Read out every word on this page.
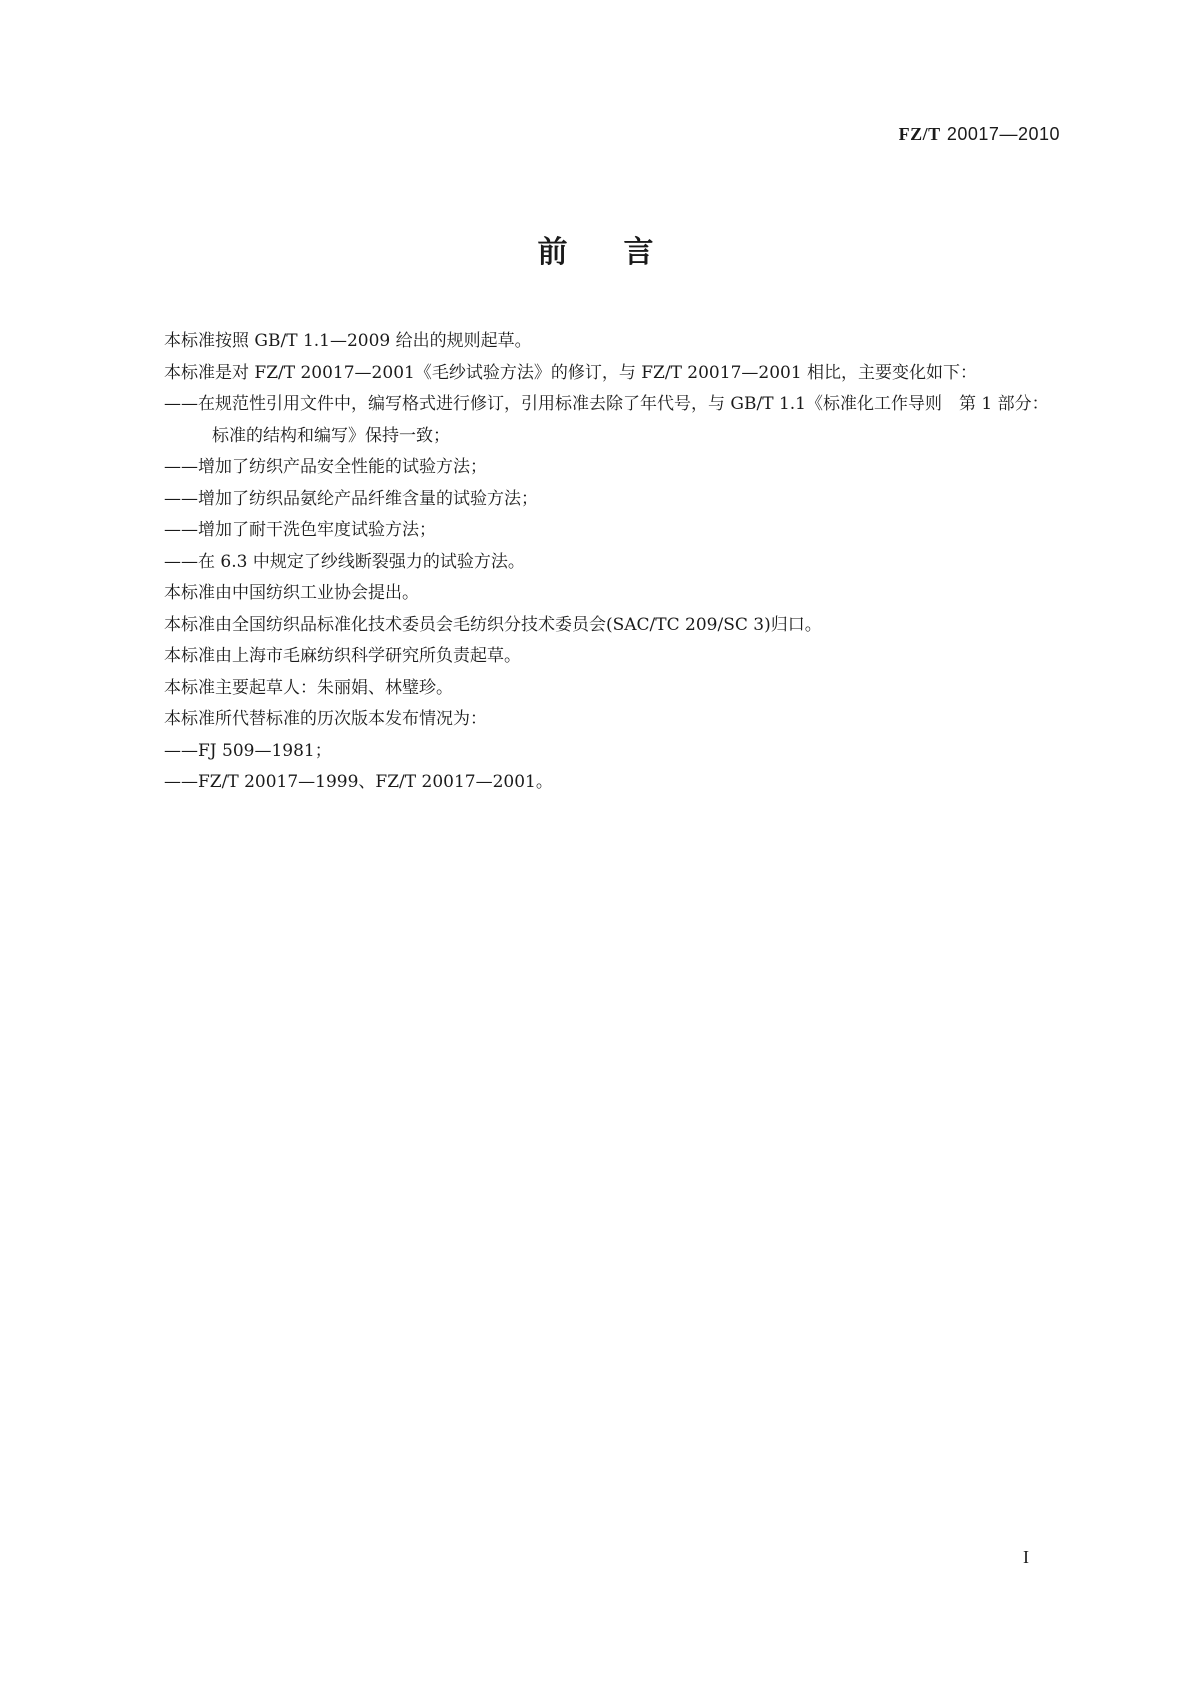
FZ/T 20017—2010
前言

本标准按照 GB/T 1.1—2009 给出的规则起草。

本标准是对 FZ/T 20017—2001《毛纱试验方法》的修订，与 FZ/T 20017—2001 相比，主要变化如下：

——在规范性引用文件中，编写格式进行修订，引用标准去除了年代号，与 GB/T 1.1《标准化工作导则　第 1 部分：标准的结构和编写》保持一致；

——增加了纺织产品安全性能的试验方法；

——增加了纺织品氨纶产品纤维含量的试验方法；

——增加了耐干洗色牢度试验方法；

——在 6.3 中规定了纱线断裂强力的试验方法。

本标准由中国纺织工业协会提出。

本标准由全国纺织品标准化技术委员会毛纺织分技术委员会(SAC/TC 209/SC 3)归口。

本标准由上海市毛麻纺织科学研究所负责起草。

本标准主要起草人：朱丽娟、林璧珍。

本标准所代替标准的历次版本发布情况为：

——FJ 509—1981；

——FZ/T 20017—1999、FZ/T 20017—2001。

I
